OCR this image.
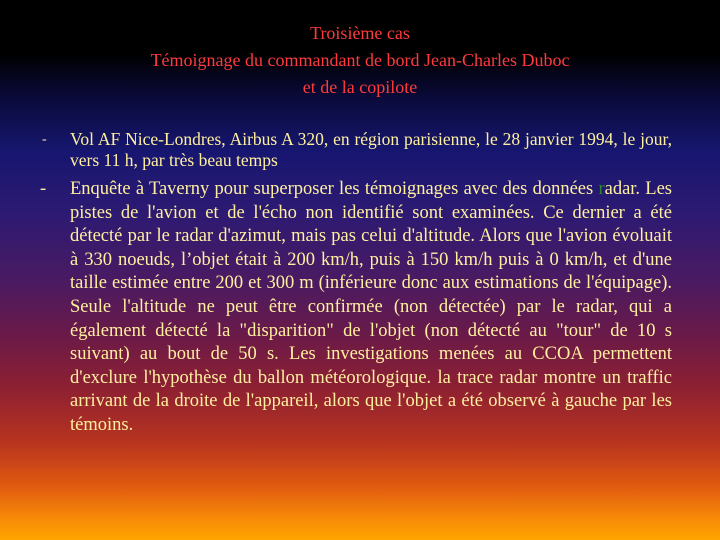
Troisième cas
Témoignage du commandant de bord Jean-Charles Duboc
et de la copilote
- Vol AF Nice-Londres, Airbus A 320, en région parisienne, le 28 janvier 1994, le jour, vers 11 h, par très beau temps
- Enquête à Taverny pour superposer les témoignages avec des données radar. Les pistes de l'avion et de l'écho non identifié sont examinées. Ce dernier a été détecté par le radar d'azimut, mais pas celui d'altitude. Alors que l'avion évoluait à 330 noeuds, l’objet était à 200 km/h, puis à 150 km/h puis à 0 km/h, et d'une taille estimée entre 200 et 300 m (inférieure donc aux estimations de l'équipage). Seule l'altitude ne peut être confirmée (non détectée) par le radar, qui a également détecté la "disparition" de l'objet (non détecté au "tour" de 10 s suivant) au bout de 50 s. Les investigations menées au CCOA permettent d'exclure l'hypothèse du ballon météorologique. la trace radar montre un traffic arrivant de la droite de l'appareil, alors que l'objet a été observé à gauche par les témoins.
